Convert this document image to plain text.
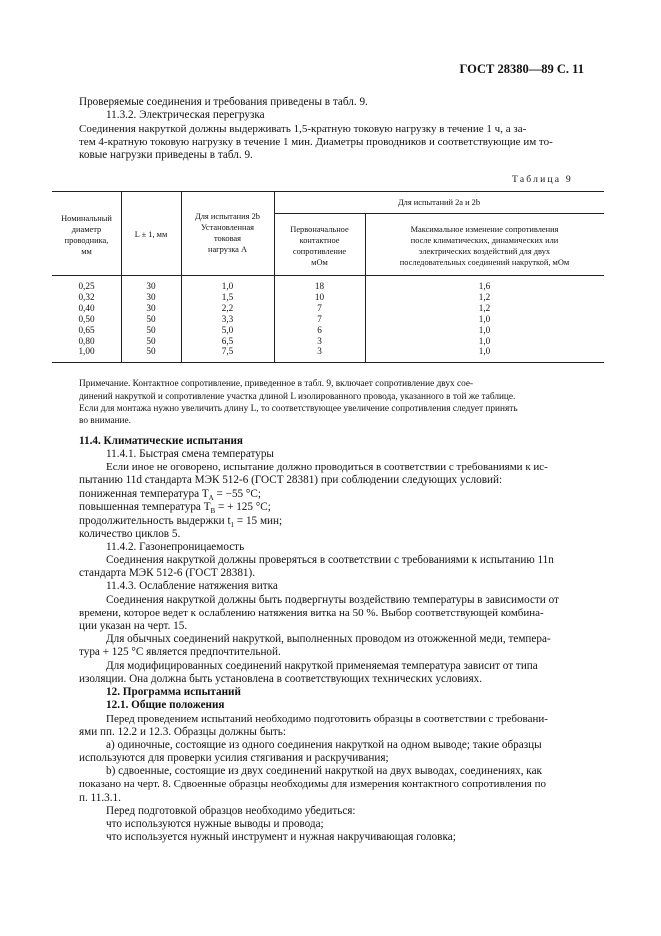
ГОСТ 28380—89 С. 11
Проверяемые соединения и требования приведены в табл. 9.
11.3.2. Электрическая перегрузка
Соединения накруткой должны выдерживать 1,5-кратную токовую нагрузку в течение 1 ч, а за-
тем 4-кратную токовую нагрузку в течение 1 мин. Диаметры проводников и соответствующие им то-
ковые нагрузки приведены в табл. 9.
Таблица 9
Номинальный
диаметр
проводника,
мм
L ± 1, мм
Для испытания 2b
Установленная
токовая
нагрузка А
Для испытаний 2а и 2b
Первоначальное
контактное
сопротивление
мОм
Максимальное изменение сопротивления
после климатических, динамических или
электрических воздействий для двух
последовательных соединений накруткой, мОм
0,25
0,32
0,40
0,50
0,65
0,80
1,00
30
30
30
50
50
50
50
1,0
1,5
2,2
3,3
5,0
6,5
7,5
18
10
7
7
6
3
3
1,6
1,2
1,2
1,0
1,0
1,0
1,0
Примечание. Контактное сопротивление, приведенное в табл. 9, включает сопротивление двух сое-
динений накруткой и сопротивление участка длиной L изолированного провода, указанного в той же таблице.
Если для монтажа нужно увеличить длину L, то соответствующее увеличение сопротивления следует принять
во внимание.
11.4. Климатические испытания
11.4.1. Быстрая смена температуры
Если иное не оговорено, испытание должно проводиться в соответствии с требованиями к ис-
пытанию 11d стандарта МЭК 512-6 (ГОСТ 28381) при соблюдении следующих условий:
пониженная температура $T_A = -55$ °С;
повышенная температура $T_B$ = + 125 °С;
продолжительность выдержки $t_1 = 15$ мин;
количество циклов 5.
11.4.2. Газонепроницаемость
Соединения накруткой должны проверяться в соответствии с требованиями к испытанию 11n
стандарта МЭК 512-6 (ГОСТ 28381).
11.4.3. Ослабление натяжения витка
Соединения накруткой должны быть подвергнуты воздействию температуры в зависимости от
времени, которое ведет к ослаблению натяжения витка на 50 %. Выбор соответствующей комбина-
ции указан на черт. 15.
Для обычных соединений накруткой, выполненных проводом из отожженной меди, темпера-
тура + 125 °С является предпочтительной.
Для модифицированных соединений накруткой применяемая температура зависит от типа
изоляции. Она должна быть установлена в соответствующих технических условиях.
12. Программа испытаний
12.1. Общие положения
Перед проведением испытаний необходимо подготовить образцы в соответствии с требовани-
ями пп. 12.2 и 12.3. Образцы должны быть:
а) одиночные, состоящие из одного соединения накруткой на одном выводе; такие образцы
используются для проверки усилия стягивания и раскручивания;
b) сдвоенные, состоящие из двух соединений накруткой на двух выводах, соединениях, как
показано на черт. 8. Сдвоенные образцы необходимы для измерения контактного сопротивления по
п. 11.3.1.
Перед подготовкой образцов необходимо убедиться:
что используются нужные выводы и провода;
что используется нужный инструмент и нужная накручивающая головка;
